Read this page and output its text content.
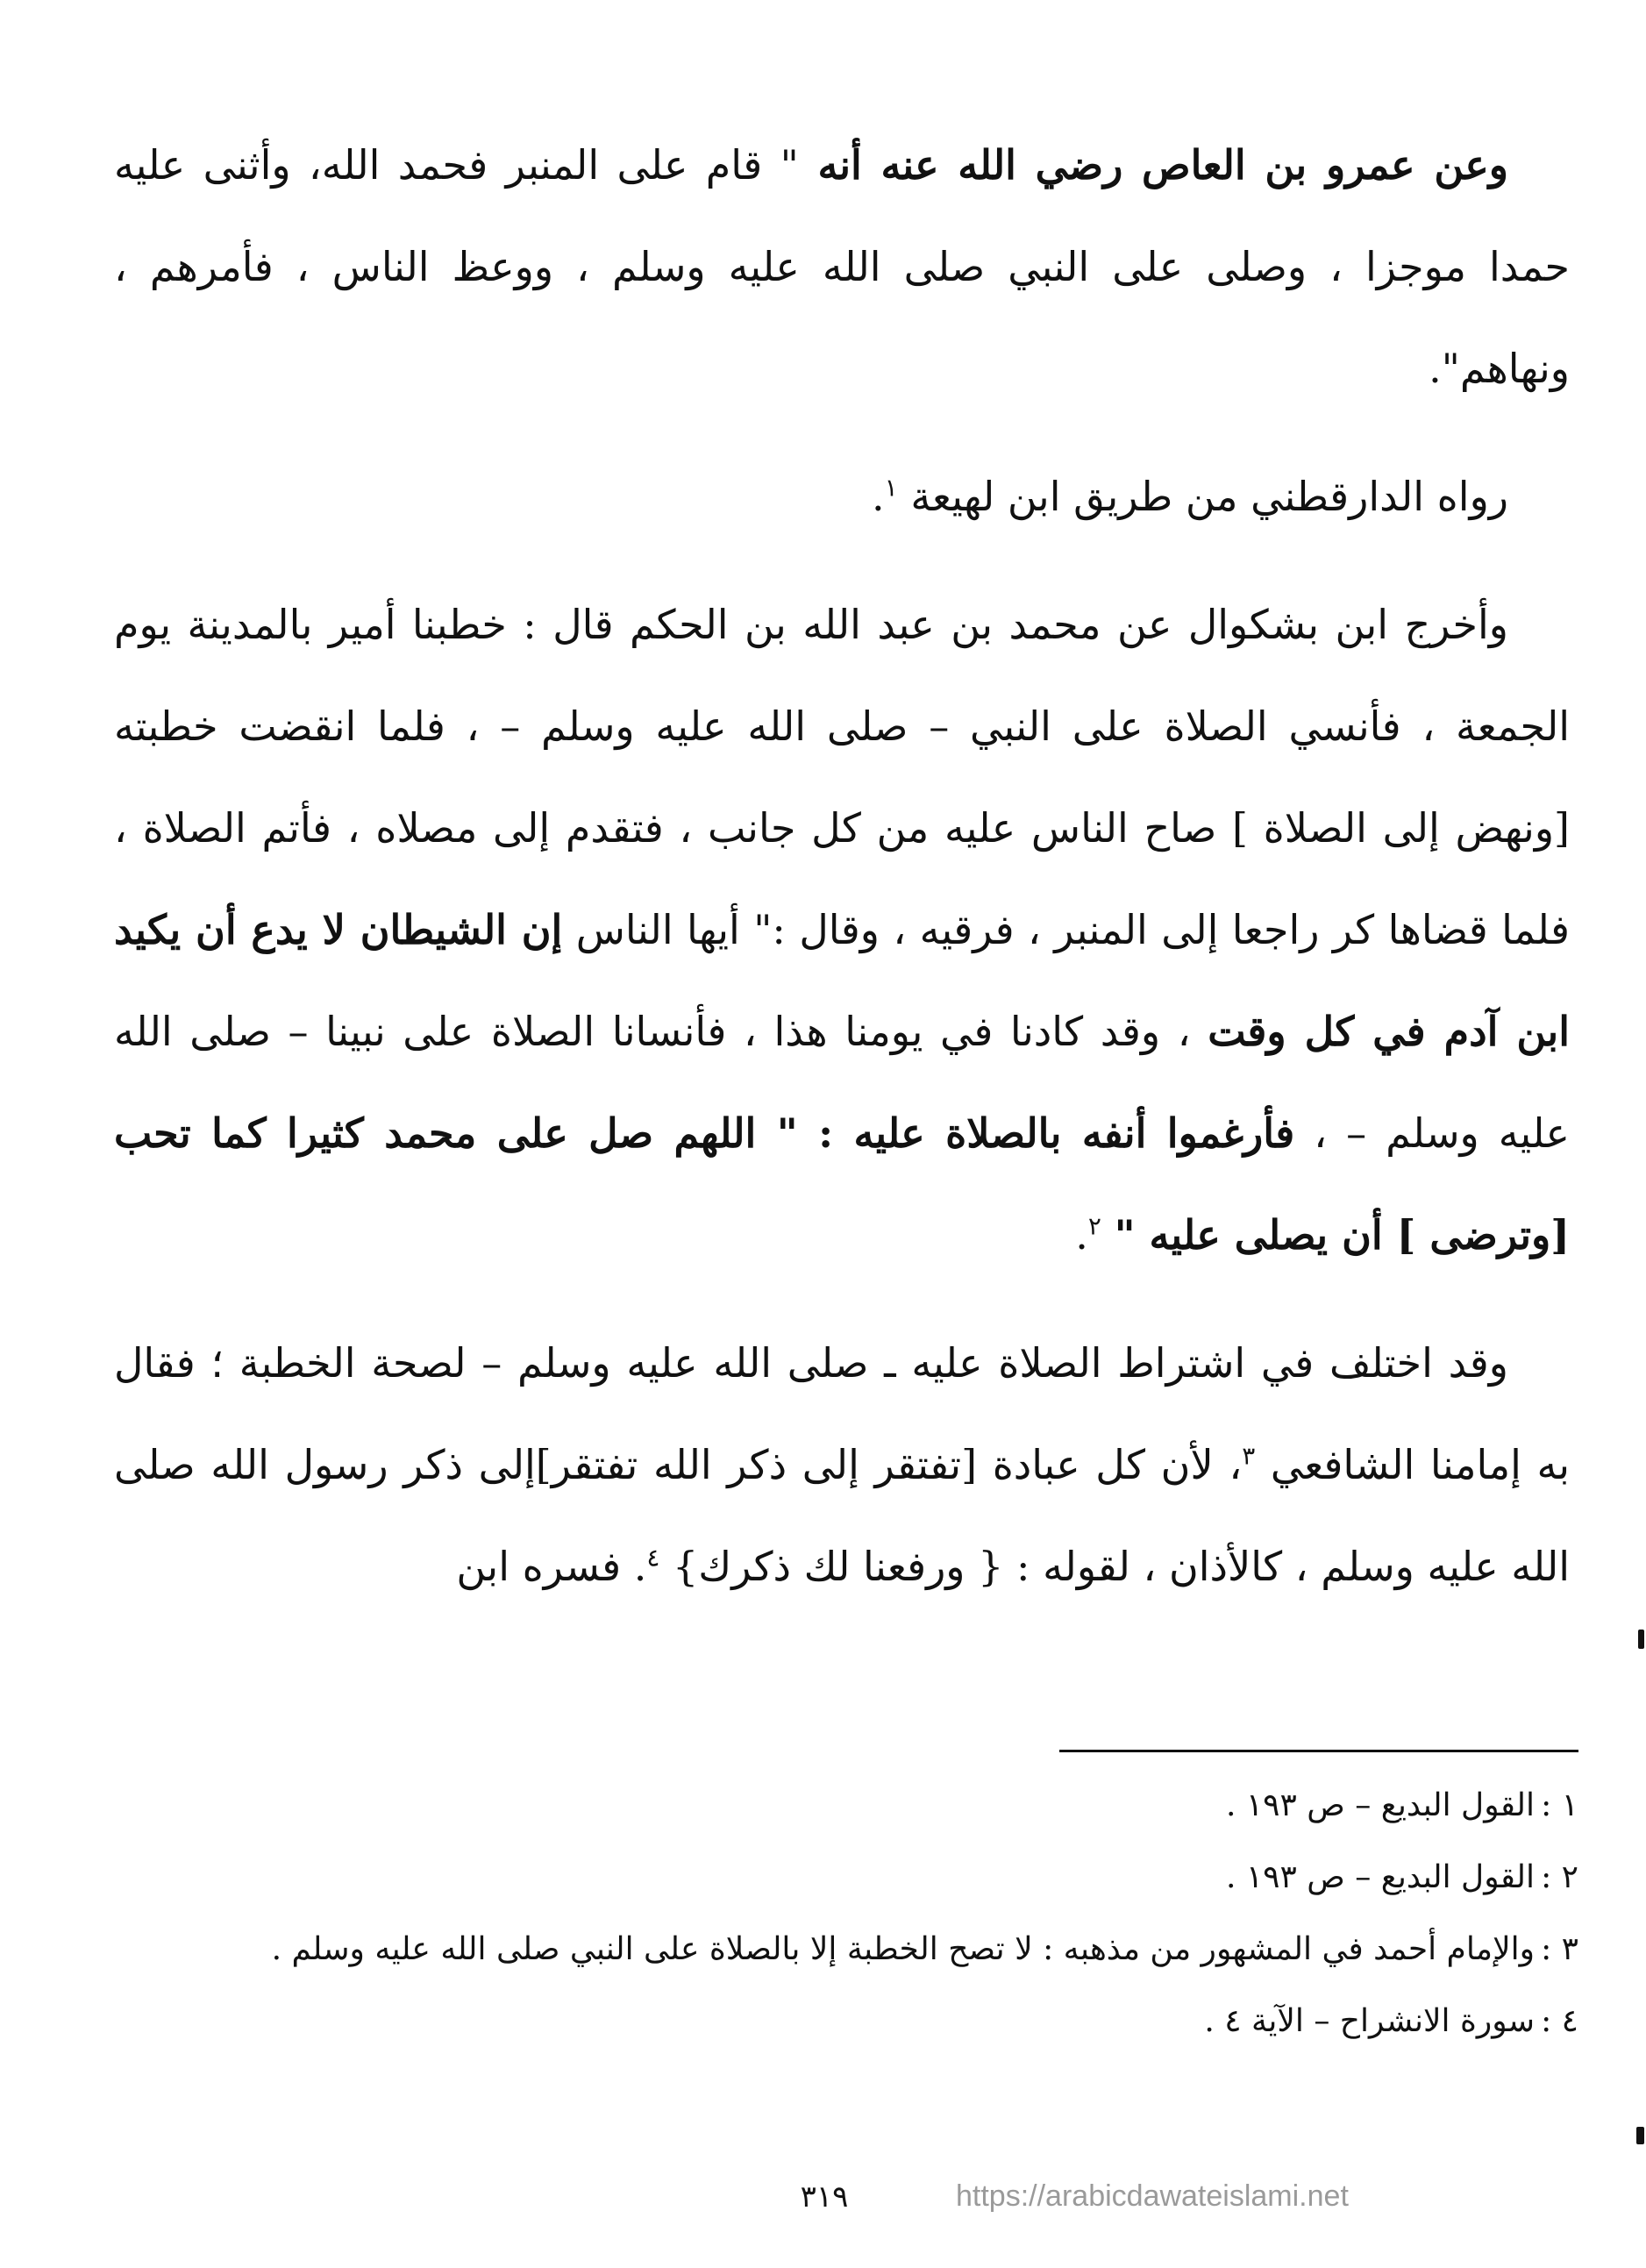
وعن عمرو بن العاص رضي الله عنه أنه " قام على المنبر فحمد الله، وأثنى عليه حمدا موجزا ، وصلى على النبي صلى الله عليه وسلم ، ووعظ الناس ، فأمرهم ، ونهاهم".

رواه الدارقطني من طريق ابن لهيعة $^١$.

وأخرج ابن بشكوال عن محمد بن عبد الله بن الحكم قال : خطبنا أمير بالمدينة يوم الجمعة ، فأنسي الصلاة على النبي – صلى الله عليه وسلم – ، فلما انقضت خطبته [ونهض إلى الصلاة ] صاح الناس عليه من كل جانب ، فتقدم إلى مصلاه ، فأتم الصلاة ، فلما قضاها كر راجعا إلى المنبر ، فرقيه ، وقال :" أيها الناس إن الشيطان لا يدع أن يكيد ابن آدم في كل وقت ، وقد كادنا في يومنا هذا ، فأنسانا الصلاة على نبينا – صلى الله عليه وسلم – ، فأرغموا أنفه بالصلاة عليه : " اللهم صل على محمد كثيرا كما تحب [وترضى ] أن يصلى عليه " $^٢$.

وقد اختلف في اشتراط الصلاة عليه ـ صلى الله عليه وسلم – لصحة الخطبة ؛ فقال به إمامنا الشافعي $^٣$، لأن كل عبادة [تفتقر إلى ذكر الله تفتقر]إلى ذكر رسول الله صلى الله عليه وسلم ، كالأذان ، لقوله : { ورفعنا لك ذكرك} $^٤$. فسره ابن

١ :القول البديع – ص ١٩٣ .

٢ :القول البديع – ص ١٩٣ .

٣ :والإمام أحمد في المشهور من مذهبه : لا تصح الخطبة إلا بالصلاة على النبي صلى الله عليه وسلم .

٤ :سورة الانشراح – الآية ٤ .

٣١٩	https://arabicdawateislami.net
